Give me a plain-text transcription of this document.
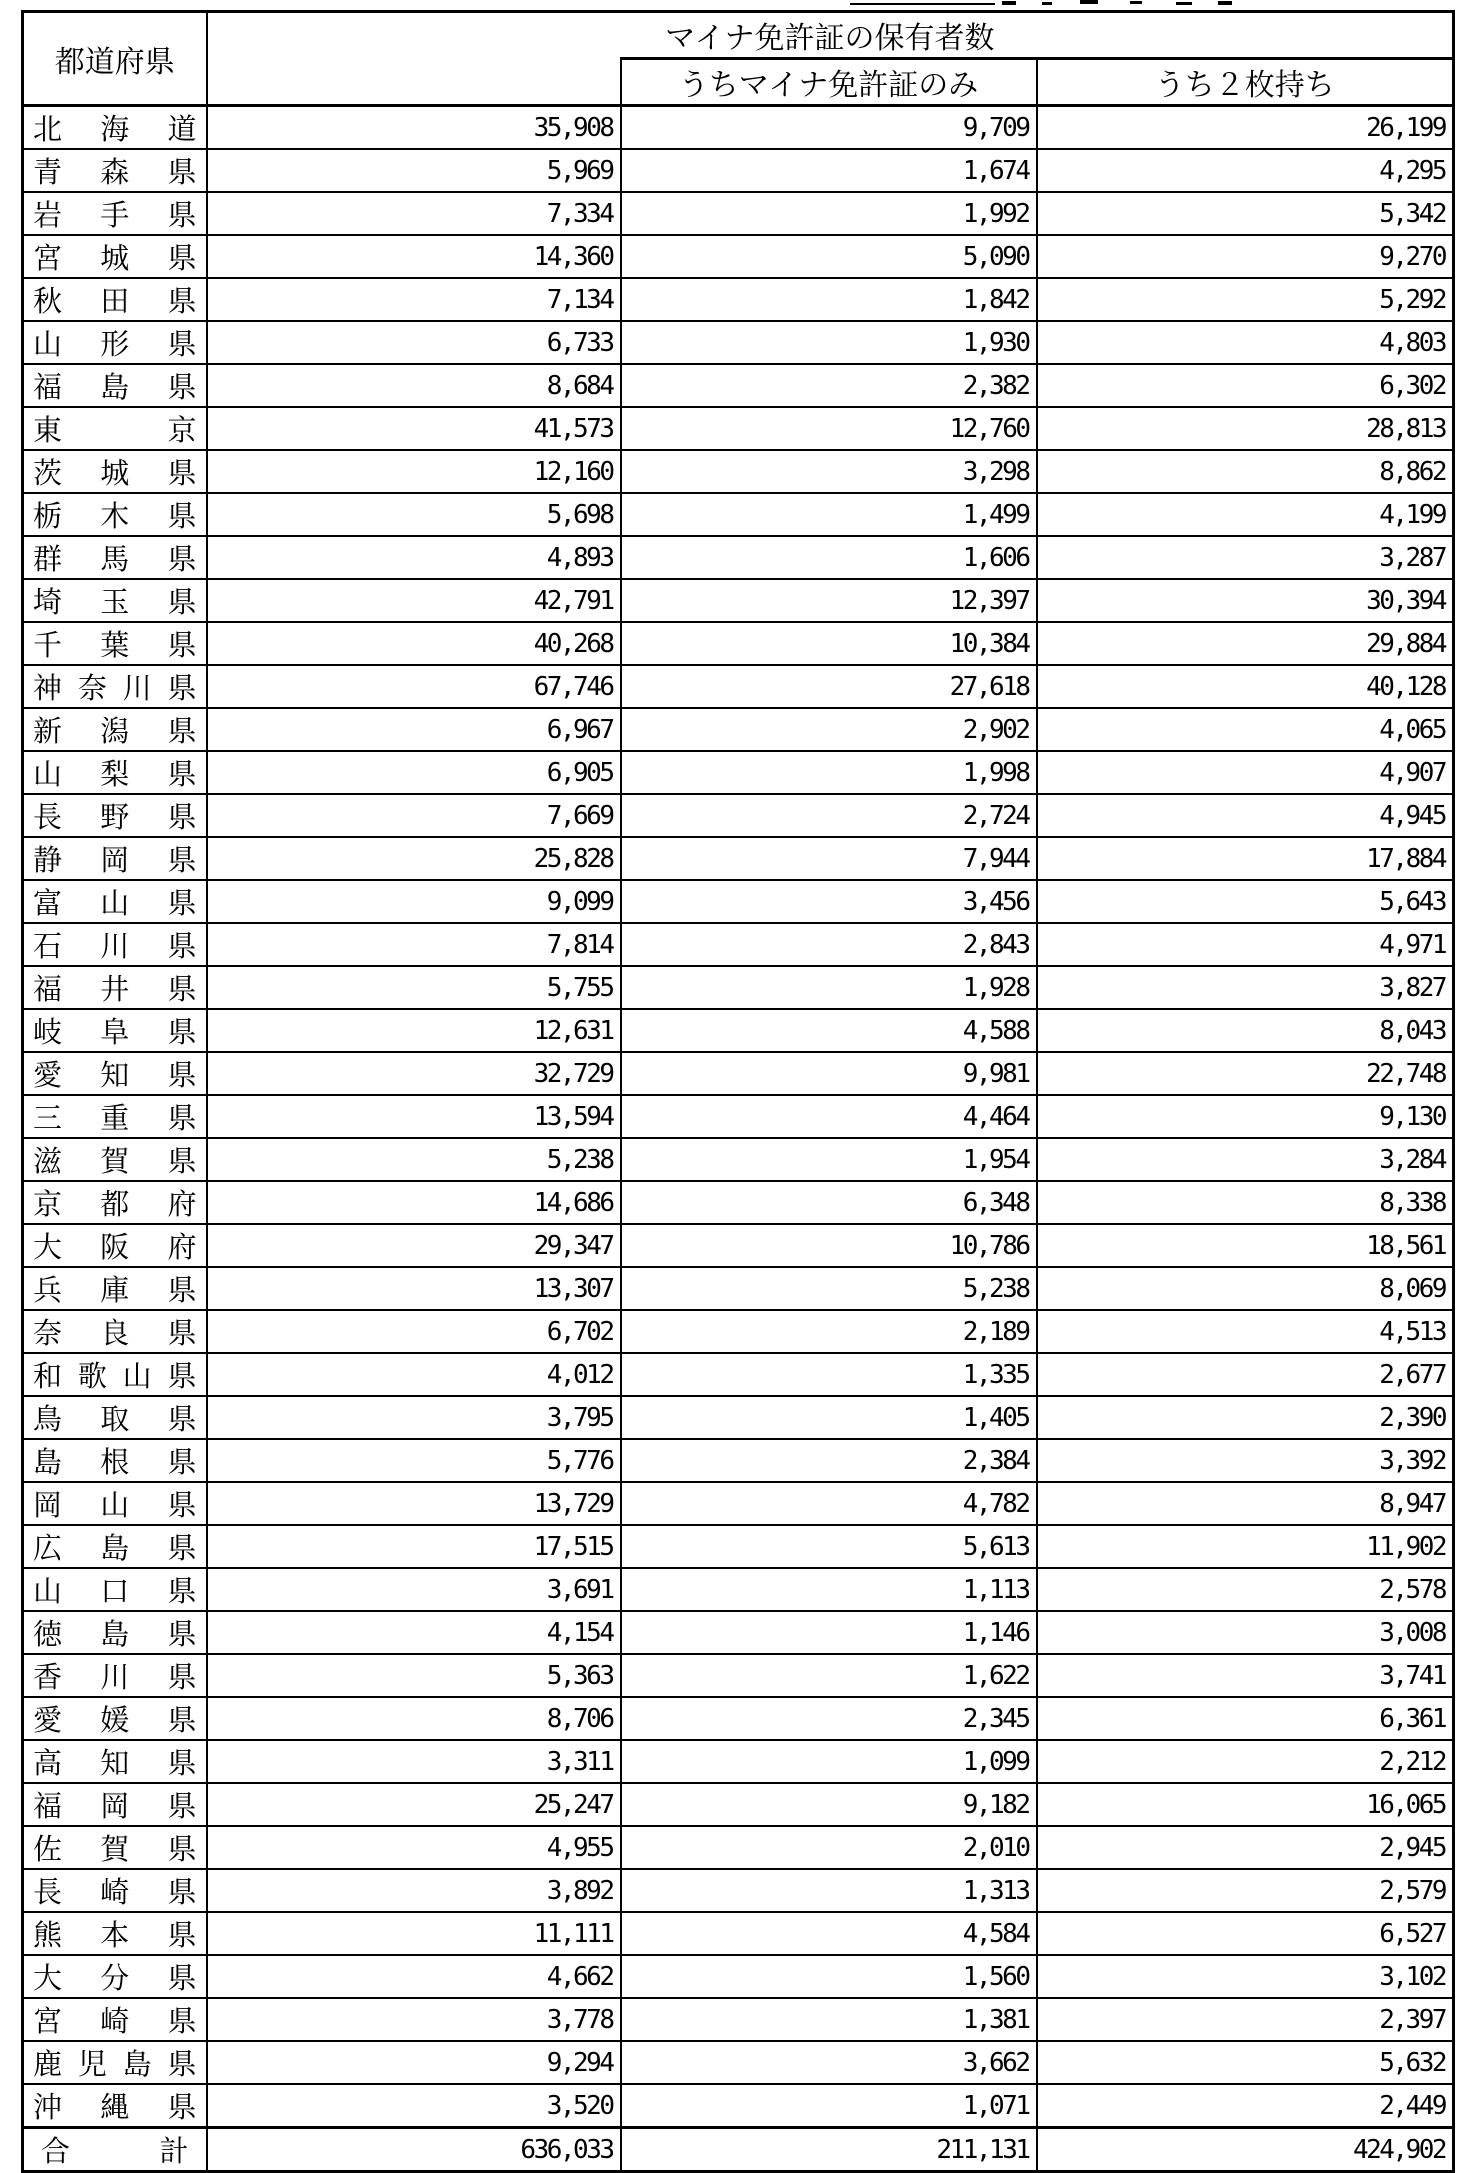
都道府県	マイナ免許証の保有者数		
		うちマイナ免許証のみ	うち２枚持ち
北海道	35,908	9,709	26,199
青森県	5,969	1,674	4,295
岩手県	7,334	1,992	5,342
宮城県	14,360	5,090	9,270
秋田県	7,134	1,842	5,292
山形県	6,733	1,930	4,803
福島県	8,684	2,382	6,302
東京	41,573	12,760	28,813
茨城県	12,160	3,298	8,862
栃木県	5,698	1,499	4,199
群馬県	4,893	1,606	3,287
埼玉県	42,791	12,397	30,394
千葉県	40,268	10,384	29,884
神奈川県	67,746	27,618	40,128
新潟県	6,967	2,902	4,065
山梨県	6,905	1,998	4,907
長野県	7,669	2,724	4,945
静岡県	25,828	7,944	17,884
富山県	9,099	3,456	5,643
石川県	7,814	2,843	4,971
福井県	5,755	1,928	3,827
岐阜県	12,631	4,588	8,043
愛知県	32,729	9,981	22,748
三重県	13,594	4,464	9,130
滋賀県	5,238	1,954	3,284
京都府	14,686	6,348	8,338
大阪府	29,347	10,786	18,561
兵庫県	13,307	5,238	8,069
奈良県	6,702	2,189	4,513
和歌山県	4,012	1,335	2,677
鳥取県	3,795	1,405	2,390
島根県	5,776	2,384	3,392
岡山県	13,729	4,782	8,947
広島県	17,515	5,613	11,902
山口県	3,691	1,113	2,578
徳島県	4,154	1,146	3,008
香川県	5,363	1,622	3,741
愛媛県	8,706	2,345	6,361
高知県	3,311	1,099	2,212
福岡県	25,247	9,182	16,065
佐賀県	4,955	2,010	2,945
長崎県	3,892	1,313	2,579
熊本県	11,111	4,584	6,527
大分県	4,662	1,560	3,102
宮崎県	3,778	1,381	2,397
鹿児島県	9,294	3,662	5,632
沖縄県	3,520	1,071	2,449
合計	636,033	211,131	424,902
